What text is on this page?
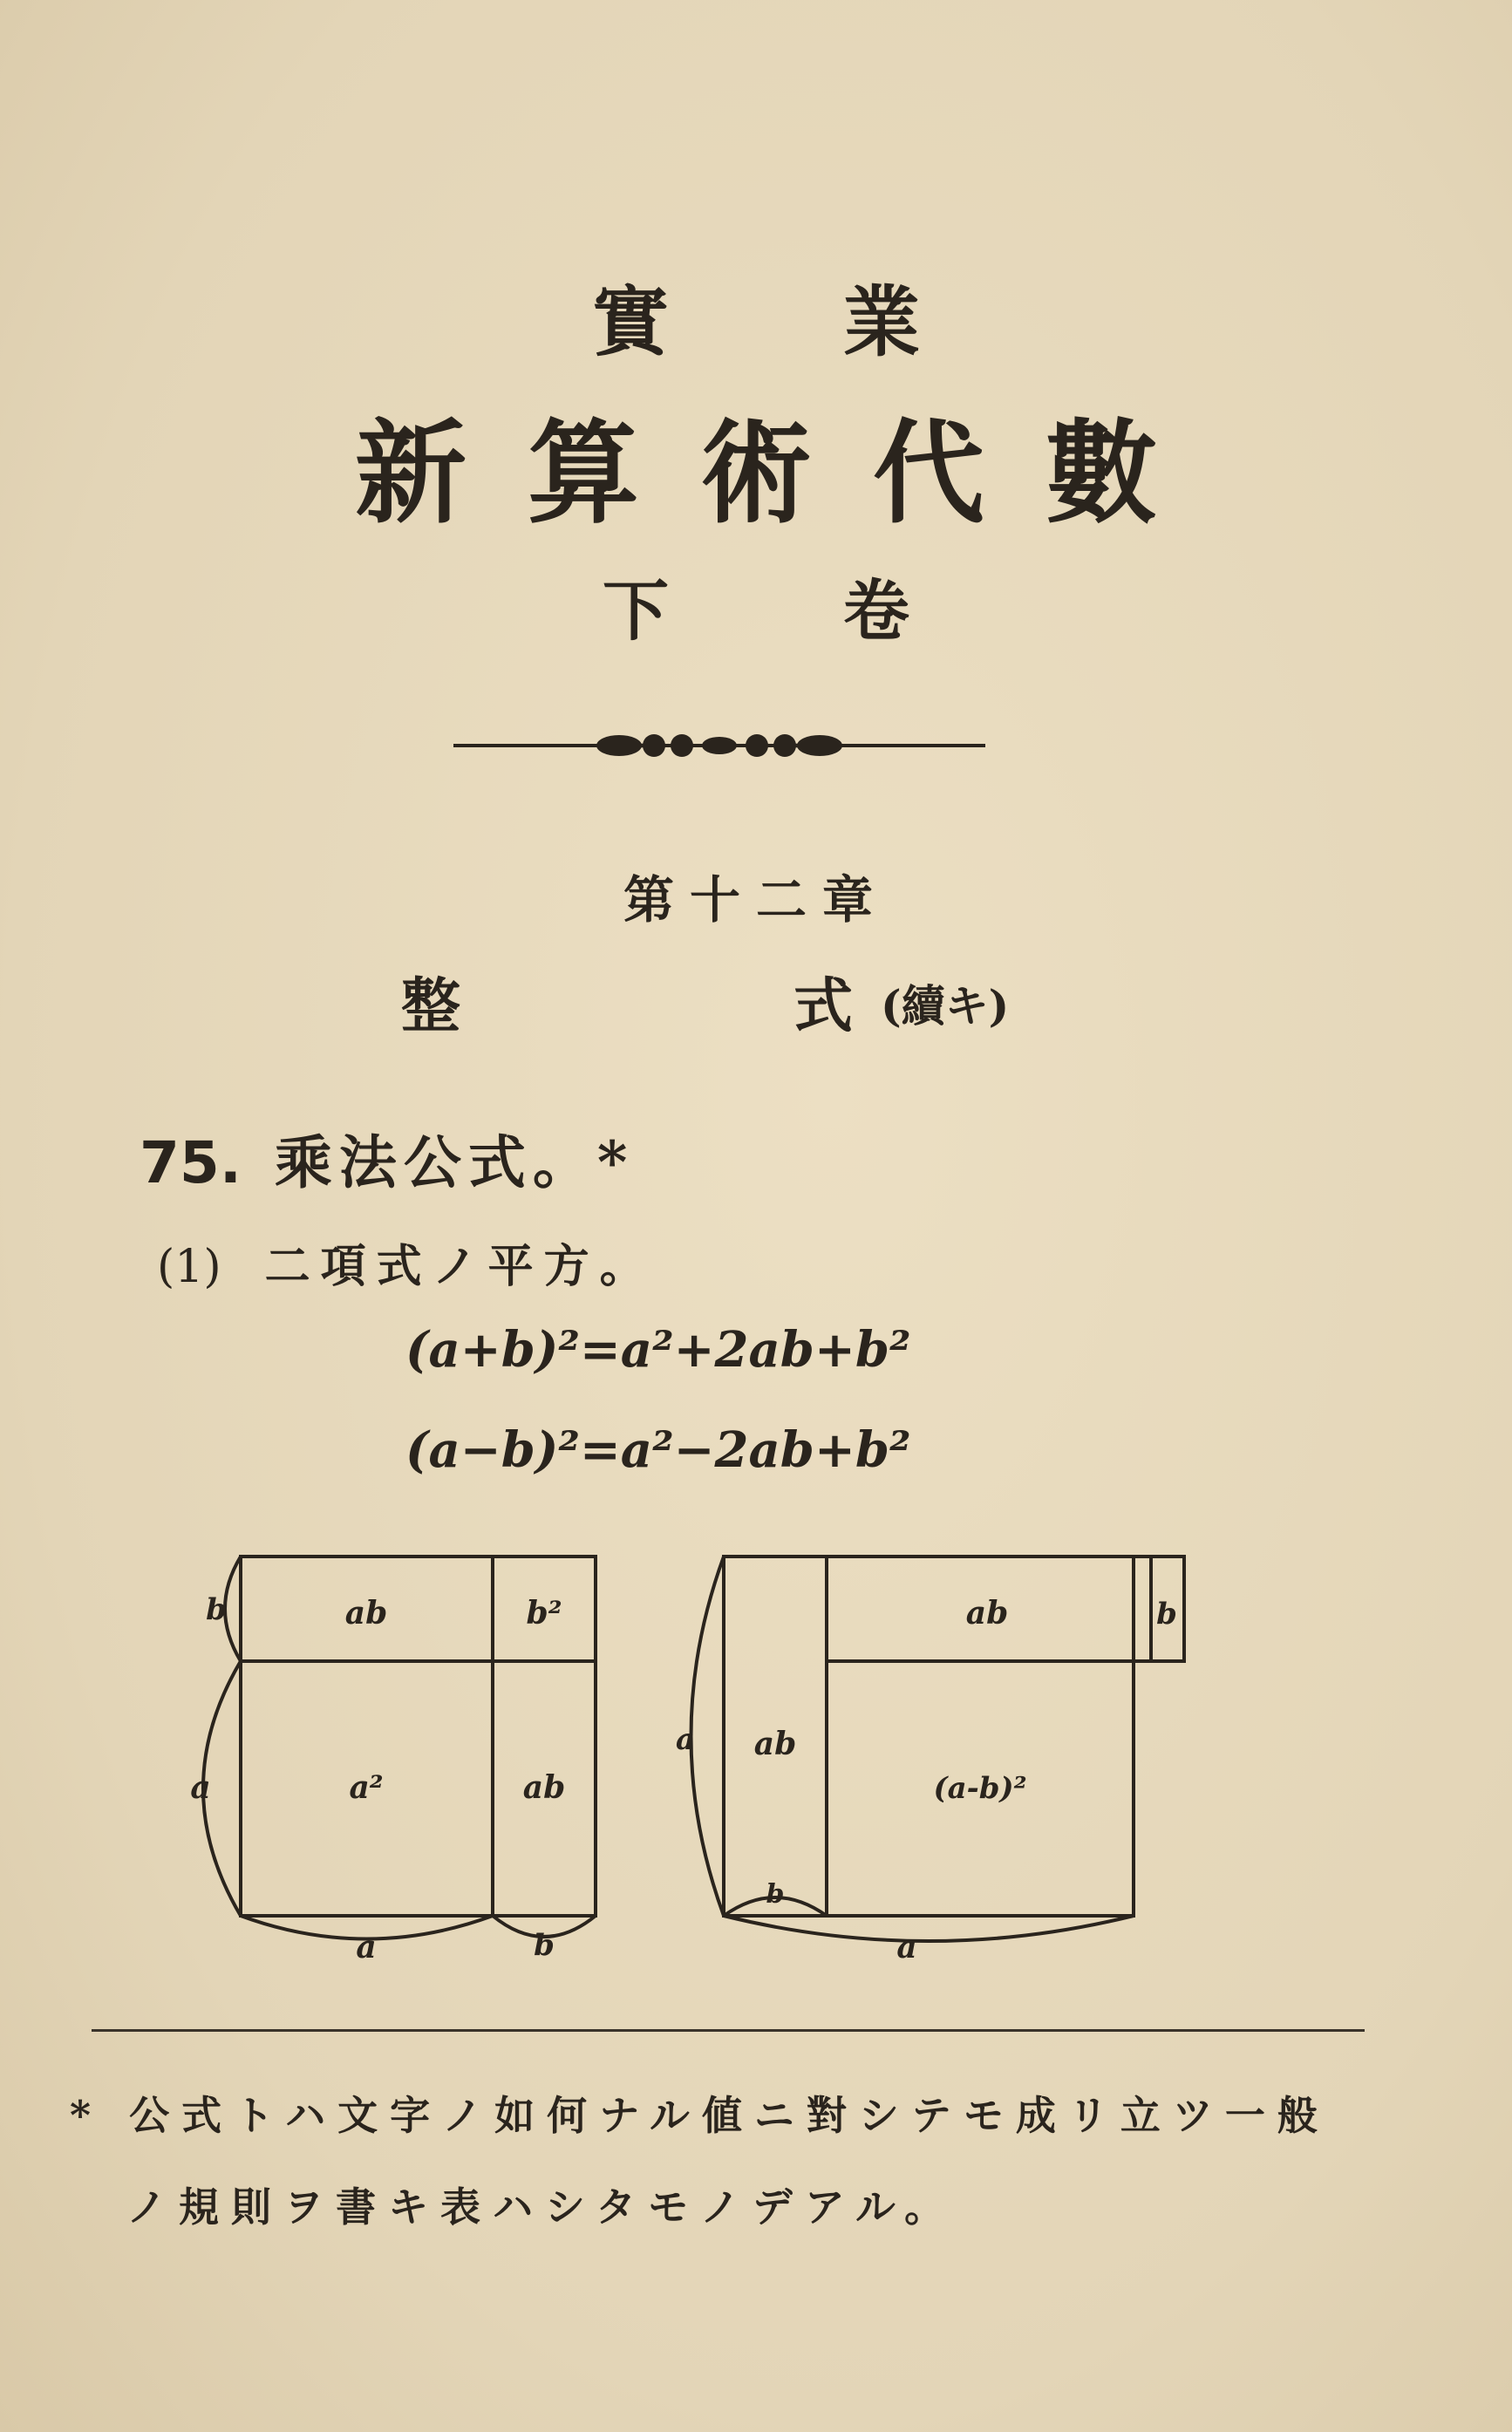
實業
新算術代數
下卷
第十二章
整	式 (續キ)
75. 乘法公式。*
(1) 二項式ノ平方。
(a+b)²=a²+2ab+b²
(a−b)²=a²−2ab+b²
ab	b²
a²	ab
b
a
a	b
ab	b
ab
(a-b)²
a
b
a
* 公式トハ文字ノ如何ナル値ニ對シテモ成リ立ツ一般
ノ規則ヲ書キ表ハシタモノデアル。
